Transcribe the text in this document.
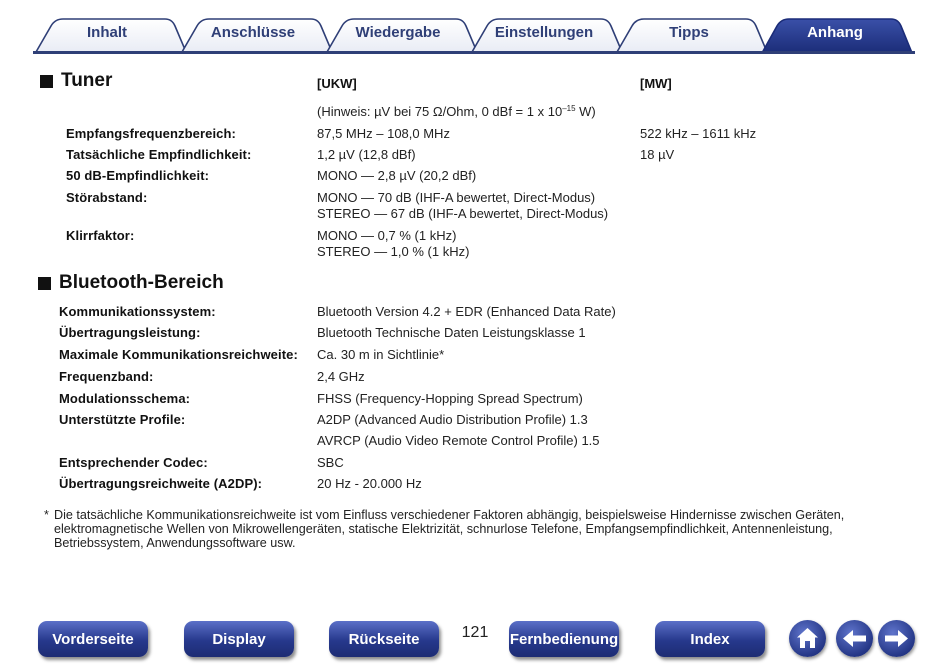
Inhalt	Anschlüsse	Wiedergabe	Einstellungen	Tipps	Anhang
Tuner	[UKW]	[MW]
(Hinweis: µV bei 75 Ω/Ohm, 0 dBf = 1 x $10^{-15}$ W)
Empfangsfrequenzbereich:	87,5 MHz – 108,0 MHz	522 kHz – 1611 kHz
Tatsächliche Empfindlichkeit:	1,2 µV (12,8 dBf)	18 µV
50 dB-Empfindlichkeit:	MONO — 2,8 µV (20,2 dBf)
Störabstand:	MONO — 70 dB (IHF-A bewertet, Direct-Modus)
STEREO — 67 dB (IHF-A bewertet, Direct-Modus)
Klirrfaktor:	MONO — 0,7 % (1 kHz)
STEREO — 1,0 % (1 kHz)
Bluetooth-Bereich
Kommunikationssystem:	Bluetooth Version 4.2 + EDR (Enhanced Data Rate)
Übertragungsleistung:	Bluetooth Technische Daten Leistungsklasse 1
Maximale Kommunikationsreichweite: Ca. 30 m in Sichtlinie*
Frequenzband:	2,4 GHz
Modulationsschema:	FHSS (Frequency-Hopping Spread Spectrum)
Unterstützte Profile:	A2DP (Advanced Audio Distribution Profile) 1.3
AVRCP (Audio Video Remote Control Profile) 1.5
Entsprechender Codec:	SBC
Übertragungsreichweite (A2DP):	20 Hz - 20.000 Hz
* Die tatsächliche Kommunikationsreichweite ist vom Einfluss verschiedener Faktoren abhängig, beispielsweise Hindernisse zwischen Geräten,
elektromagnetische Wellen von Mikrowellengeräten, statische Elektrizität, schnurlose Telefone, Empfangsempfindlichkeit, Antennenleistung,
Betriebssystem, Anwendungssoftware usw.
Vorderseite	Display	Rückseite	121	Fernbedienung	Index
